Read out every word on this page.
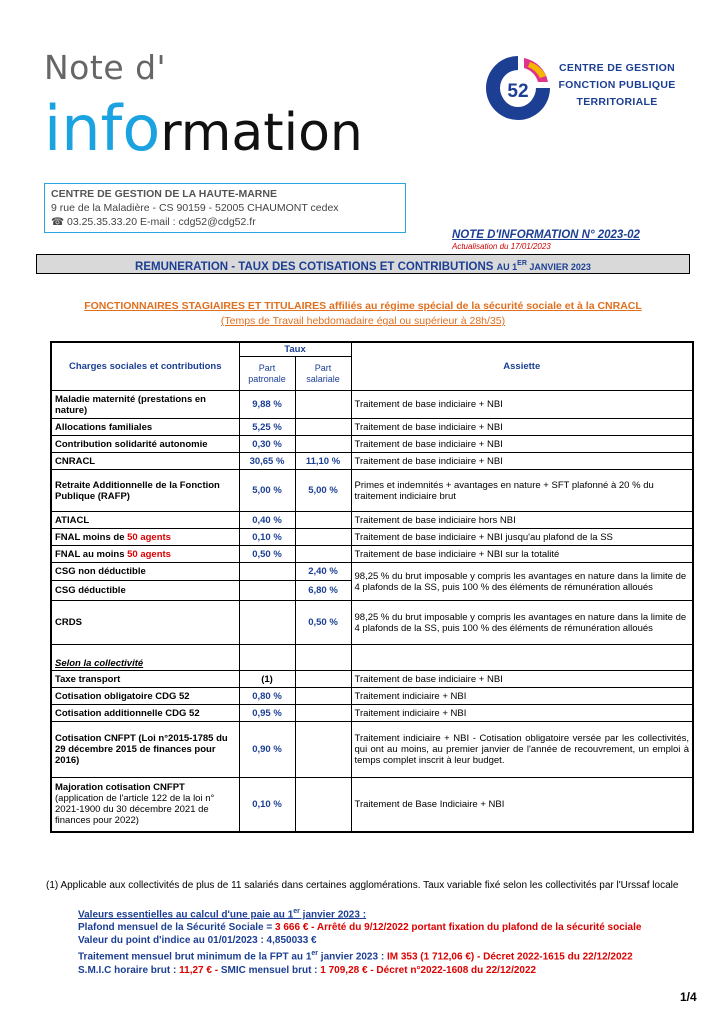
Note d'
information
52
CENTRE DE GESTION
FONCTION PUBLIQUE
TERRITORIALE
CENTRE DE GESTION DE LA HAUTE-MARNE
9 rue de la Maladière - CS 90159 - 52005 CHAUMONT cedex
☎ 03.25.35.33.20 E-mail : cdg52@cdg52.fr
NOTE D'INFORMATION N° 2023-02
Actualisation du 17/01/2023
REMUNERATION - TAUX DES COTISATIONS ET CONTRIBUTIONS AU 1ER JANVIER 2023
FONCTIONNAIRES STAGIAIRES ET TITULAIRES affiliés au régime spécial de la sécurité sociale et à la CNRACL
(Temps de Travail hebdomadaire égal ou supérieur à 28h/35)
Charges sociales et contributions	Taux		Assiette
	Part patronale	Part salariale	
Maladie maternité (prestations en nature)	9,88 %		Traitement de base indiciaire + NBI
Allocations familiales	5,25 %		Traitement de base indiciaire + NBI
Contribution solidarité autonomie	0,30 %		Traitement de base indiciaire + NBI
CNRACL	30,65 %	11,10 %	Traitement de base indiciaire + NBI
Retraite Additionnelle de la Fonction Publique (RAFP)	5,00 %	5,00 %	Primes et indemnités + avantages en nature + SFT plafonné à 20 % du traitement indiciaire brut
ATIACL	0,40 %		Traitement de base indiciaire hors NBI
FNAL moins de 50 agents	0,10 %		Traitement de base indiciaire + NBI jusqu'au plafond de la SS
FNAL au moins 50 agents	0,50 %		Traitement de base indiciaire + NBI sur la totalité
CSG non déductible		2,40 %	98,25 % du brut imposable y compris les avantages en nature dans la limite de 4 plafonds de la SS, puis 100 % des éléments de rémunération alloués
CSG déductible		6,80 %	
CRDS		0,50 %	98,25 % du brut imposable y compris les avantages en nature dans la limite de 4 plafonds de la SS, puis 100 % des éléments de rémunération alloués
Selon la collectivité			
Taxe transport	(1)		Traitement de base indiciaire + NBI
Cotisation obligatoire CDG 52	0,80 %		Traitement indiciaire + NBI
Cotisation additionnelle CDG 52	0,95 %		Traitement indiciaire + NBI
Cotisation CNFPT (Loi n°2015-1785 du 29 décembre 2015 de finances pour 2016)	0,90 %		Traitement indiciaire + NBI - Cotisation obligatoire versée par les collectivités, qui ont au moins, au premier janvier de l'année de recouvrement, un emploi à temps complet inscrit à leur budget.
Majoration cotisation CNFPT (application de l'article 122 de la loi n° 2021-1900 du 30 décembre 2021 de finances pour 2022)	0,10 %		Traitement de Base Indiciaire + NBI
(1) Applicable aux collectivités de plus de 11 salariés dans certaines agglomérations. Taux variable fixé selon les collectivités par l'Urssaf locale
Valeurs essentielles au calcul d'une paie au 1er janvier 2023 :
Plafond mensuel de la Sécurité Sociale = 3 666 € - Arrêté du 9/12/2022 portant fixation du plafond de la sécurité sociale
Valeur du point d'indice au 01/01/2023 : 4,850033 €
Traitement mensuel brut minimum de la FPT au 1er janvier 2023 : IM 353 (1 712,06 €) - Décret 2022-1615 du 22/12/2022
S.M.I.C horaire brut : 11,27 € - SMIC mensuel brut : 1 709,28 € - Décret n°2022-1608 du 22/12/2022
1/4
